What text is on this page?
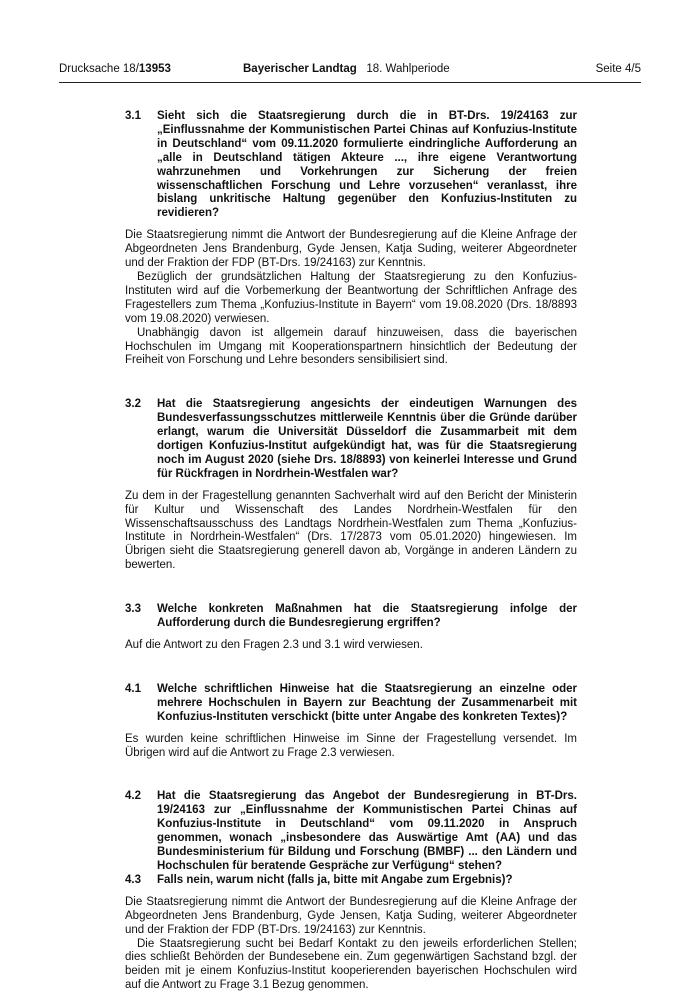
Drucksache 18/13953	Bayerischer Landtag 18. Wahlperiode	Seite 4/5
3.1	Sieht sich die Staatsregierung durch die in BT-Drs. 19/24163 zur „Einflussnahme der Kommunistischen Partei Chinas auf Konfuzius-Institute in Deutschland“ vom 09.11.2020 formulierte eindringliche Aufforderung an „alle in Deutschland tätigen Akteure ..., ihre eigene Verantwortung wahrzunehmen und Vorkehrungen zur Sicherung der freien wissenschaftlichen Forschung und Lehre vorzusehen“ veranlasst, ihre bislang unkritische Haltung gegenüber den Konfuzius-Instituten zu revidieren?

Die Staatsregierung nimmt die Antwort der Bundesregierung auf die Kleine Anfrage der Abgeordneten Jens Brandenburg, Gyde Jensen, Katja Suding, weiterer Abgeordneter und der Fraktion der FDP (BT-Drs. 19/24163) zur Kenntnis.

Bezüglich der grundsätzlichen Haltung der Staatsregierung zu den Konfuzius-Instituten wird auf die Vorbemerkung der Beantwortung der Schriftlichen Anfrage des Fragestellers zum Thema „Konfuzius-Institute in Bayern“ vom 19.08.2020 (Drs. 18/8893 vom 19.08.2020) verwiesen.

Unabhängig davon ist allgemein darauf hinzuweisen, dass die bayerischen Hochschulen im Umgang mit Kooperationspartnern hinsichtlich der Bedeutung der Freiheit von Forschung und Lehre besonders sensibilisiert sind.

3.2	Hat die Staatsregierung angesichts der eindeutigen Warnungen des Bundesverfassungsschutzes mittlerweile Kenntnis über die Gründe darüber erlangt, warum die Universität Düsseldorf die Zusammarbeit mit dem dortigen Konfuzius-Institut aufgekündigt hat, was für die Staatsregierung noch im August 2020 (siehe Drs. 18/8893) von keinerlei Interesse und Grund für Rückfragen in Nordrhein-Westfalen war?

Zu dem in der Fragestellung genannten Sachverhalt wird auf den Bericht der Ministerin für Kultur und Wissenschaft des Landes Nordrhein-Westfalen für den Wissenschaftsausschuss des Landtags Nordrhein-Westfalen zum Thema „Konfuzius-Institute in Nordrhein-Westfalen“ (Drs. 17/2873 vom 05.01.2020) hingewiesen. Im Übrigen sieht die Staatsregierung generell davon ab, Vorgänge in anderen Ländern zu bewerten.

3.3	Welche konkreten Maßnahmen hat die Staatsregierung infolge der Aufforderung durch die Bundesregierung ergriffen?

Auf die Antwort zu den Fragen 2.3 und 3.1 wird verwiesen.

4.1	Welche schriftlichen Hinweise hat die Staatsregierung an einzelne oder mehrere Hochschulen in Bayern zur Beachtung der Zusammenarbeit mit Konfuzius-Instituten verschickt (bitte unter Angabe des konkreten Textes)?

Es wurden keine schriftlichen Hinweise im Sinne der Fragestellung versendet. Im Übrigen wird auf die Antwort zu Frage 2.3 verwiesen.

4.2	Hat die Staatsregierung das Angebot der Bundesregierung in BT-Drs. 19/24163 zur „Einflussnahme der Kommunistischen Partei Chinas auf Konfuzius-Institute in Deutschland“ vom 09.11.2020 in Anspruch genommen, wonach „insbesondere das Auswärtige Amt (AA) und das Bundesministerium für Bildung und Forschung (BMBF) ... den Ländern und Hochschulen für beratende Gespräche zur Verfügung“ stehen?
4.3	Falls nein, warum nicht (falls ja, bitte mit Angabe zum Ergebnis)?

Die Staatsregierung nimmt die Antwort der Bundesregierung auf die Kleine Anfrage der Abgeordneten Jens Brandenburg, Gyde Jensen, Katja Suding, weiterer Abgeordneter und der Fraktion der FDP (BT-Drs. 19/24163) zur Kenntnis.

Die Staatsregierung sucht bei Bedarf Kontakt zu den jeweils erforderlichen Stellen; dies schließt Behörden der Bundesebene ein. Zum gegenwärtigen Sachstand bzgl. der beiden mit je einem Konfuzius-Institut kooperierenden bayerischen Hochschulen wird auf die Antwort zu Frage 3.1 Bezug genommen.
